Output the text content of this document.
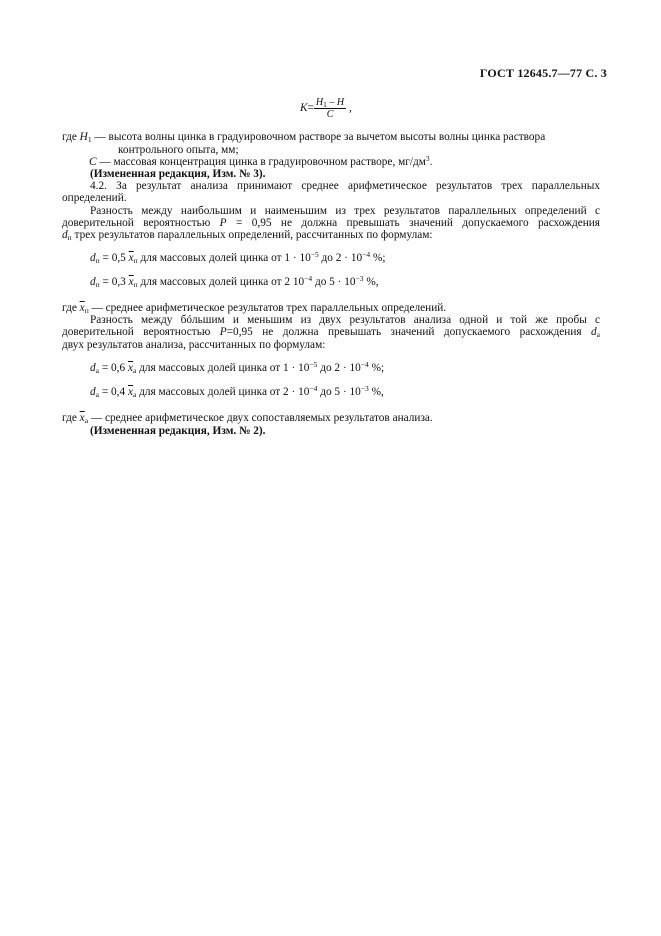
ГОСТ 12645.7—77 С. 3
$K= \frac{H_1 - H}{C}$ ,
где $H_1$ — высота волны цинка в градуировочном растворе за вычетом высоты волны цинка раствора
контрольного опыта, мм;
C — массовая концентрация цинка в градуировочном растворе, $мг/дм^3$.
(Измененная редакция, Изм. № 3).
4.2. За результат анализа принимают среднее арифметическое результатов трех параллельных
определений.
Разность между наибольшим и наименьшим из трех результатов параллельных определений с
доверительной вероятностью P = 0,95 не должна превышать значений допускаемого расхождения
$d_п$ трех результатов параллельных определений, рассчитанных по формулам:
$d_п = 0,5$ $\overline{x}_п$ для массовых долей цинка от $1 \cdot 10^{-5}$ до $2 \cdot 10^{-4}$ %;
$d_п = 0,3$ $\overline{x}_п$ для массовых долей цинка от 2 $10^{-4}$ до $5 \cdot 10^{-3}$ %,
где $\overline{x}_п$ — среднее арифметическое результатов трех параллельных определений.
Разность между бóльшим и меньшим из двух результатов анализа одной и той же пробы с
доверительной вероятностью P=0,95 не должна превышать значений допускаемого расхождения $d_а$
двух результатов анализа, рассчитанных по формулам:
$d_а = 0,6$ $\overline{x}_а$ для массовых долей цинка от $1 \cdot 10^{-5}$ до $2 \cdot 10^{-4}$ %;
$d_а = 0,4$ $\overline{x}_а$ для массовых долей цинка от $2 \cdot 10^{-4}$ до $5 \cdot 10^{-3}$ %,
где $\overline{x}_а$ — среднее арифметическое двух сопоставляемых результатов анализа.
(Измененная редакция, Изм. № 2).
